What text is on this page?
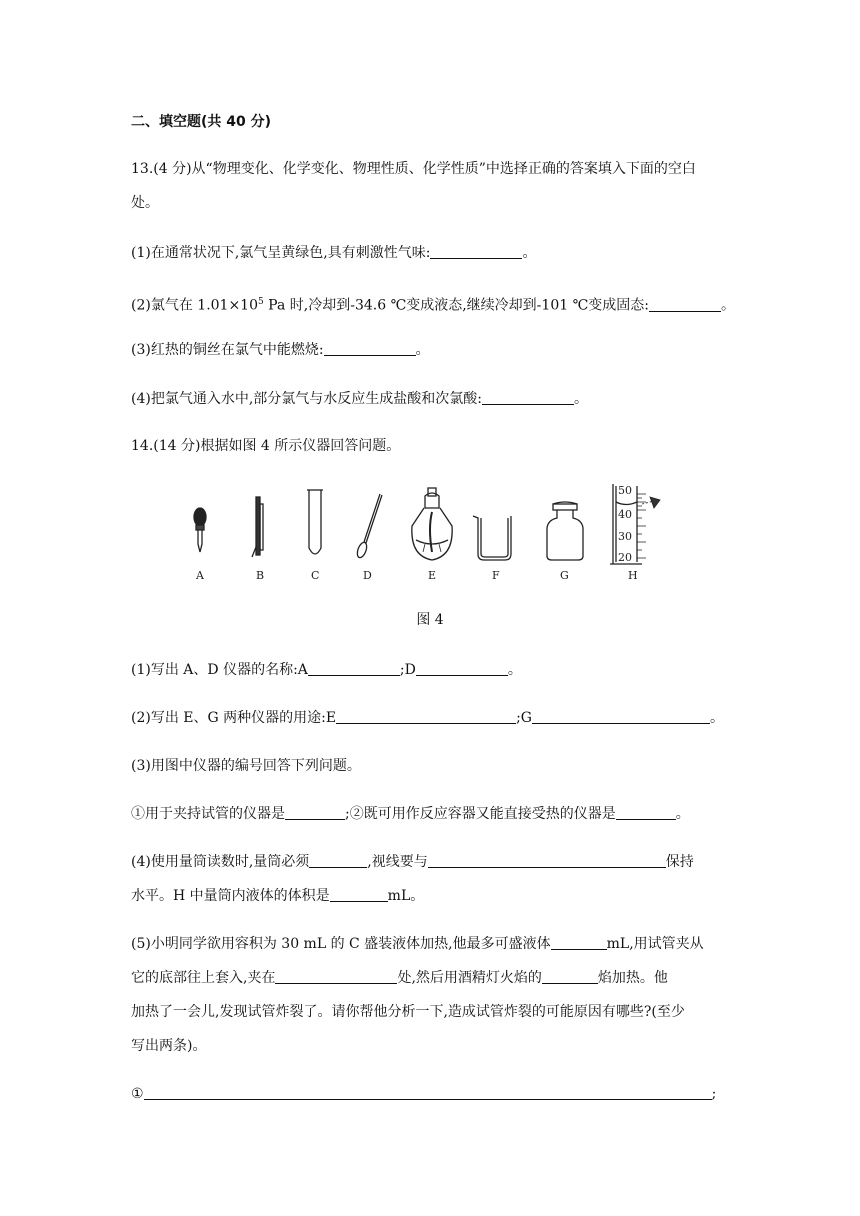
二、填空题(共 40 分)
13.(4 分)从“物理变化、化学变化、物理性质、化学性质”中选择正确的答案填入下面的空白
处。
(1)在通常状况下,氯气呈黄绿色,具有刺激性气味:	。
(2)氯气在 $1.01\times 10^5$ Pa 时,冷却到-34.6 ℃变成液态,继续冷却到-101 ℃变成固态:	。
(3)红热的铜丝在氯气中能燃烧:	。
(4)把氯气通入水中,部分氯气与水反应生成盐酸和次氯酸:	。
14.(14 分)根据如图 4 所示仪器回答问题。
50
40
30
20
A	B	C	D	E	F	G	H
图 4
(1)写出 A、D 仪器的名称:A	;D	。
(2)写出 E、G 两种仪器的用途:E	;G	。
(3)用图中仪器的编号回答下列问题。
①用于夹持试管的仪器是	;②既可用作反应容器又能直接受热的仪器是	。
(4)使用量筒读数时,量筒必须	,视线要与	保持
水平。H 中量筒内液体的体积是	mL。
(5)小明同学欲用容积为 30 mL 的 C 盛装液体加热,他最多可盛液体	mL,用试管夹从
它的底部往上套入,夹在	处,然后用酒精灯火焰的	焰加热。他
加热了一会儿,发现试管炸裂了。请你帮他分析一下,造成试管炸裂的可能原因有哪些?(至少
写出两条)。
①	;
